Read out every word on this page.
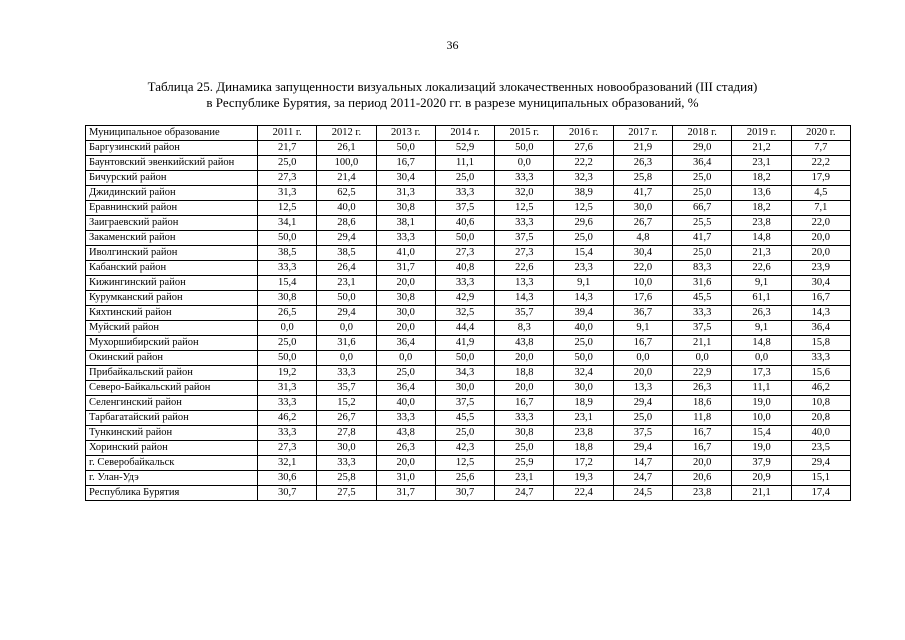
36
Таблица 25. Динамика запущенности визуальных локализаций злокачественных новообразований (III стадия)
в Республике Бурятия, за период 2011-2020 гг. в разрезе муниципальных образований, %
Муниципальное образование	2011 г.	2012 г.	2013 г.	2014 г.	2015 г.	2016 г.	2017 г.	2018 г.	2019 г.	2020 г.
Баргузинский район	21,7	26,1	50,0	52,9	50,0	27,6	21,9	29,0	21,2	7,7
Баунтовский эвенкийский район	25,0	100,0	16,7	11,1	0,0	22,2	26,3	36,4	23,1	22,2
Бичурский район	27,3	21,4	30,4	25,0	33,3	32,3	25,8	25,0	18,2	17,9
Джидинский район	31,3	62,5	31,3	33,3	32,0	38,9	41,7	25,0	13,6	4,5
Еравнинский район	12,5	40,0	30,8	37,5	12,5	12,5	30,0	66,7	18,2	7,1
Заиграевский район	34,1	28,6	38,1	40,6	33,3	29,6	26,7	25,5	23,8	22,0
Закаменский район	50,0	29,4	33,3	50,0	37,5	25,0	4,8	41,7	14,8	20,0
Иволгинский район	38,5	38,5	41,0	27,3	27,3	15,4	30,4	25,0	21,3	20,0
Кабанский район	33,3	26,4	31,7	40,8	22,6	23,3	22,0	83,3	22,6	23,9
Кижингинский район	15,4	23,1	20,0	33,3	13,3	9,1	10,0	31,6	9,1	30,4
Курумканский район	30,8	50,0	30,8	42,9	14,3	14,3	17,6	45,5	61,1	16,7
Кяхтинский район	26,5	29,4	30,0	32,5	35,7	39,4	36,7	33,3	26,3	14,3
Муйский район	0,0	0,0	20,0	44,4	8,3	40,0	9,1	37,5	9,1	36,4
Мухоршибирский район	25,0	31,6	36,4	41,9	43,8	25,0	16,7	21,1	14,8	15,8
Окинский район	50,0	0,0	0,0	50,0	20,0	50,0	0,0	0,0	0,0	33,3
Прибайкальский район	19,2	33,3	25,0	34,3	18,8	32,4	20,0	22,9	17,3	15,6
Северо-Байкальский район	31,3	35,7	36,4	30,0	20,0	30,0	13,3	26,3	11,1	46,2
Селенгинский район	33,3	15,2	40,0	37,5	16,7	18,9	29,4	18,6	19,0	10,8
Тарбагатайский район	46,2	26,7	33,3	45,5	33,3	23,1	25,0	11,8	10,0	20,8
Тункинский район	33,3	27,8	43,8	25,0	30,8	23,8	37,5	16,7	15,4	40,0
Хоринский район	27,3	30,0	26,3	42,3	25,0	18,8	29,4	16,7	19,0	23,5
г. Северобайкальск	32,1	33,3	20,0	12,5	25,9	17,2	14,7	20,0	37,9	29,4
г. Улан-Удэ	30,6	25,8	31,0	25,6	23,1	19,3	24,7	20,6	20,9	15,1
Республика Бурятия	30,7	27,5	31,7	30,7	24,7	22,4	24,5	23,8	21,1	17,4
